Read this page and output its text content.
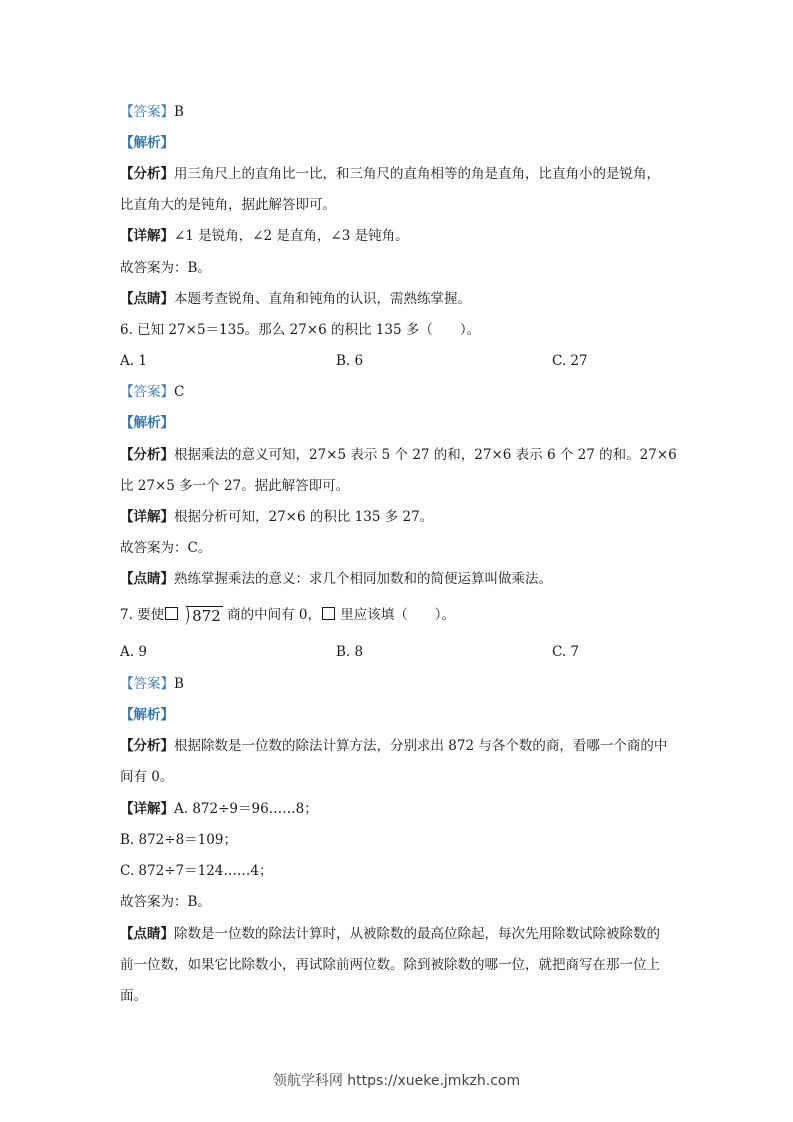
【答案】B
【解析】
【分析】用三角尺上的直角比一比，和三角尺的直角相等的角是直角，比直角小的是锐角，
比直角大的是钝角，据此解答即可。
【详解】∠1 是锐角，∠2 是直角，∠3 是钝角。
故答案为：B。
【点睛】本题考查锐角、直角和钝角的认识，需熟练掌握。
6. 已知 27×5＝135。那么 27×6 的积比 135 多（　　）。
A. 1	B. 6	C. 27
【答案】C
【解析】
【分析】根据乘法的意义可知，27×5 表示 5 个 27 的和，27×6 表示 6 个 27 的和。27×6
比 27×5 多一个 27。据此解答即可。
【详解】根据分析可知，27×6 的积比 135 多 27。
故答案为：C。
【点睛】熟练掌握乘法的意义：求几个相同加数和的简便运算叫做乘法。
7. 要使 872 商的中间有 0， 里应该填（　　）。
A. 9	B. 8	C. 7
【答案】B
【解析】
【分析】根据除数是一位数的除法计算方法，分别求出 872 与各个数的商，看哪一个商的中
间有 0。
【详解】A. 872÷9＝96……8；
B. 872÷8＝109；
C. 872÷7＝124……4；
故答案为：B。
【点睛】除数是一位数的除法计算时，从被除数的最高位除起，每次先用除数试除被除数的
前一位数，如果它比除数小，再试除前两位数。除到被除数的哪一位，就把商写在那一位上
面。
领航学科网 https://xueke.jmkzh.com
